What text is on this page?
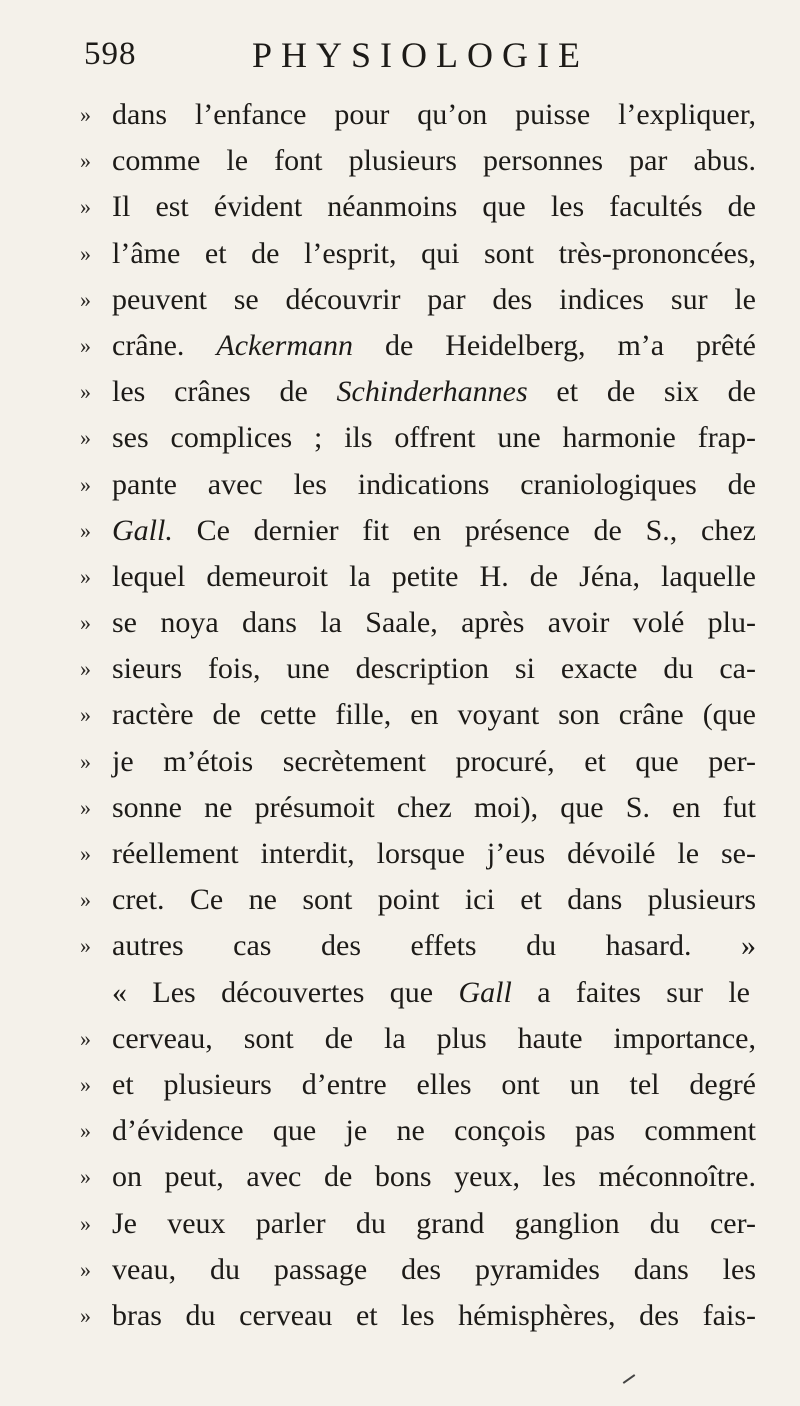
598	PHYSIOLOGIE
» dans l’enfance pour qu’on puisse l’expliquer,
» comme le font plusieurs personnes par abus.
» Il est évident néanmoins que les facultés de
» l’âme et de l’esprit, qui sont très-prononcées,
» peuvent se découvrir par des indices sur le
» crâne. Ackermann de Heidelberg, m’a prêté
» les crânes de Schinderhannes et de six de
» ses complices ; ils offrent une harmonie frap-
» pante avec les indications craniologiques de
» Gall. Ce dernier fit en présence de S., chez
» lequel demeuroit la petite H. de Jéna, laquelle
» se noya dans la Saale, après avoir volé plu-
» sieurs fois, une description si exacte du ca-
» ractère de cette fille, en voyant son crâne (que
» je m’étois secrètement procuré, et que per-
» sonne ne présumoit chez moi), que S. en fut
» réellement interdit, lorsque j’eus dévoilé le se-
» cret. Ce ne sont point ici et dans plusieurs
» autres cas des effets du hasard. »
« Les découvertes que Gall a faites sur le
» cerveau, sont de la plus haute importance,
» et plusieurs d’entre elles ont un tel degré
» d’évidence que je ne conçois pas comment
» on peut, avec de bons yeux, les méconnoître.
» Je veux parler du grand ganglion du cer-
» veau, du passage des pyramides dans les
» bras du cerveau et les hémisphères, des fais-
